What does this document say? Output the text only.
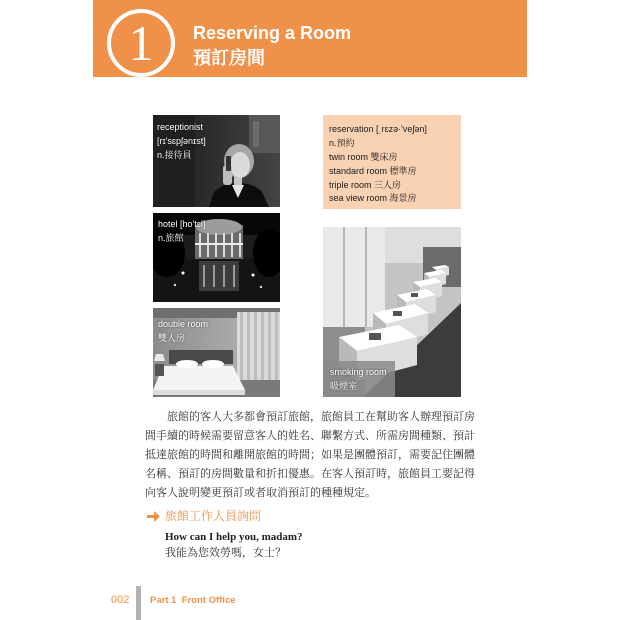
1	Reserving a Room
預訂房間
receptionist
[rɪ'sɛpʃənɪst]
n.接待員
hotel [ho'tɛl]
n.旅館
double room
雙人房
reservation [ˌrɛzə·'veʃən]
n.預約
twin room 雙床房
standard room 標準房
triple room 三人房
sea view room 海景房
smoking room
吸煙室
旅館的客人大多都會預訂旅館，旅館員工在幫助客人辦理預訂房
間手續的時候需要留意客人的姓名、聯繫方式、所需房間種類、預計
抵達旅館的時間和離開旅館的時間；如果是團體預訂，需要記住團體
名稱、預訂的房間數量和折扣優惠。在客人預訂時，旅館員工要記得
向客人說明變更預訂或者取消預訂的種種規定。
旅館工作人員詢問
How can I help you, madam?
我能為您效勞嗎，女士？
002 Part 1  Front Office
